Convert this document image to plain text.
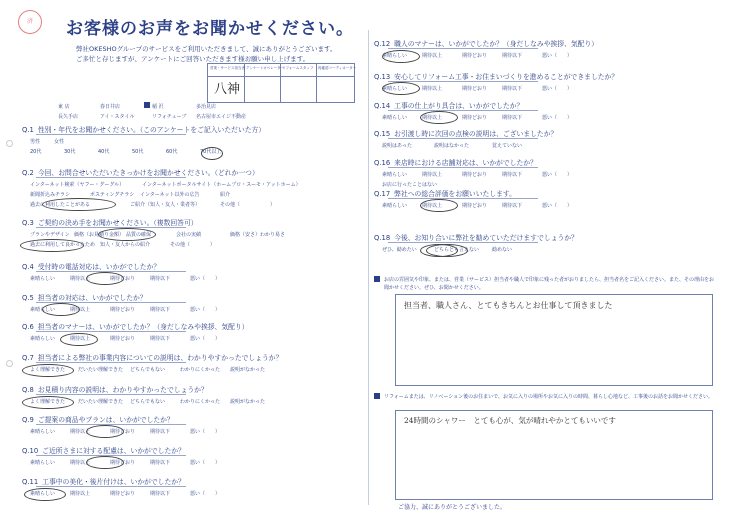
済	お客様のお声をお聞かせください。
弊社OKESHOグループのサービスをご利用いただきまして、誠にありがとうございます。
ご多忙と存じますが、アンケートにご回答いただきます様お願い申し上げます。
営業・サービス担当者 アンケートオペレーター
リフォームスタッフ 再確認コーディネーター
八神
東 店
長久手店
春日井店
アイ・スタイル
稲 沢
リフォチューブ
多治見店
名古屋市エイジ不動産
Q.1 性別・年代をお聞かせください。（このアンケートをご記入いただいた方）
男性	女性
20代	30代	40代	50代	60代	70代以上
Q.2 今回、お問合せいただいたきっかけをお聞かせください。（どれか一つ）
インターネット検索（ヤフー・グーグル）	インターネットポータルサイト（ホームプロ・スーモ・アットホーム）
新聞折込みチラシ	ポスティングチラシ インターネット以外の広告	紹介
過去に利用したことがある	ご紹介（知人・友人・業者等）	その他（　　　　　　）
Q.3 ご契約の決め手をお聞かせください。（複数回答可）
プランやデザイン 価格（お見積り金額） 品質の確保	会社の実績	価格（安さ）
過去に利用して良かったため 知人・友人からの紹介	その他（　　　　）
わかり易さ
Q.4 受付時の電話対応は、いかがでしたか？
素晴らしい	期待以上	期待どおり	期待以下	悪い（　　）
Q.5 担当者の対応は、いかがでしたか？
素晴らしい	期待以上	期待どおり	期待以下	悪い（　　）
Q.6 担当者のマナーは、いかがでしたか？（身だしなみや挨拶、気配り）
素晴らしい	期待以上	期待どおり	期待以下	悪い（　　）
Q.7 担当者による弊社の事業内容についての説明は、わかりやすかったでしょうか？
よく理解できた	だいたい理解できた どちらでもない	わかりにくかった 説明がなかった
Q.8 お見積り内容の説明は、わかりやすかったでしょうか？
よく理解できた	だいたい理解できた どちらでもない	わかりにくかった 説明がなかった
Q.9 ご提案の商品やプランは、いかがでしたか？
素晴らしい	期待以上	期待どおり	期待以下	悪い（　　）
Q.10 ご近所さまに対する配慮は、いかがでしたか？
素晴らしい	期待以上	期待どおり	期待以下	悪い（　　）
Q.11 工事中の美化・後片付けは、いかがでしたか？
素晴らしい	期待以上	期待どおり	期待以下	悪い（　　）
Q.12 職人のマナーは、いかがでしたか？（身だしなみや挨拶、気配り）
素晴らしい	期待以上	期待どおり	期待以下	悪い（　　）
Q.13 安心してリフォーム工事・お住まいづくりを進めることができましたか？
素晴らしい	期待以上	期待どおり	期待以下	悪い（　　）
Q.14 工事の仕上がり具合は、いかがでしたか？
素晴らしい	期待以上	期待どおり	期待以下	悪い（　　）
Q.15 お引渡し時に次回の点検の説明は、ございましたか？
説明はあった	説明はなかった	覚えていない
Q.16 来店時における店舗対応は、いかがでしたか？
素晴らしい	期待以上	期待どおり	期待以下	悪い（　　）
お店に行ったことはない
Q.17 弊社への総合評価をお願いいたします。
素晴らしい	期待以上	期待どおり	期待以下	悪い（　　）
Q.18 今後、お知り合いに弊社を勧めていただけますでしょうか？
ぜひ、勧めたい	どちらとも言えない	勧めない
お店の雰囲気や印象、または、営業（サービス）担当者や職人で印象に残った者がおりましたら、担当者名をご記入ください。また、その理由をお聞かせください。ぜひ、お聞かせください。
担当者、職人さん、とてもきちんとお仕事して頂きました
リフォームまたは、リノベーション後のお住まいで、お気に入りの場所やお気に入りの時間、暮らし心地など、工事後のお話をお聞かせください。
24時間のシャワー　とても心が、気が晴れやかとてもいいです
ご協力、誠にありがとうございました。
